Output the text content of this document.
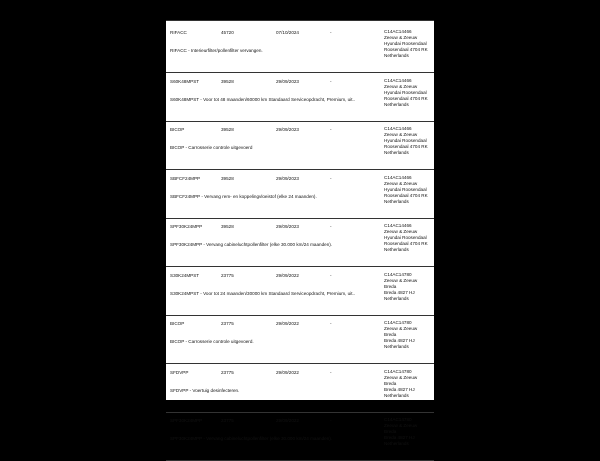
RIFACC	45720	07/10/2024	-	C14AC14466
Zeeuw & Zeeuw
Hyundai Roosendaal
Roosendaal 4704 RK
Netherlands
RIFACC - Interieurfilter/pollenfilter vervangen.
S60K48MPST	39528	29/09/2023	-	C14AC14466
Zeeuw & Zeeuw
Hyundai Roosendaal
Roosendaal 4704 RK
Netherlands
S60K48MPST - Voor tot 48 maanden/60000 km Standaard Serviceopdracht, Premium, uit..
BICOP	39528	29/09/2023	-	C14AC14466
Zeeuw & Zeeuw
Hyundai Roosendaal
Roosendaal 4704 RK
Netherlands
BICOP - Carrosserie controle uitgevoerd
SBFCF24MPP	39528	29/09/2023	-	C14AC14466
Zeeuw & Zeeuw
Hyundai Roosendaal
Roosendaal 4704 RK
Netherlands
SBFCF24MPP - Vervang rem- en koppelingvloeistof (elke 24 maanden).
SPF30K24MPP	39528	29/09/2023	-	C14AC14466
Zeeuw & Zeeuw
Hyundai Roosendaal
Roosendaal 4704 RK
Netherlands
SPF30K24MPP - Vervang cabineluchtpollenfilter (elke 30.000 km/24 maanden).
S30K24MPST	23775	29/09/2022	-	C14AC14780
Zeeuw & Zeeuw
Breda
Breda 4827 HJ
Netherlands
S30K24MPST - Voor tot 24 maanden/30000 km Standaard Serviceopdracht, Premium, uit..
BICOP	23775	29/09/2022	-	C14AC14780
Zeeuw & Zeeuw
Breda
Breda 4827 HJ
Netherlands
BICOP - Carrosserie controle uitgevoerd.
SFDVPP	23775	29/09/2022	-	C14AC14780
Zeeuw & Zeeuw
Breda
Breda 4827 HJ
Netherlands
SFDVPP - Voertuig desinfecteren.
SPF30K24MPP	23775	29/09/2022	-	C14AC14780
Zeeuw & Zeeuw
Breda
Breda 4827 HJ
Netherlands
SPF30K24MPP - Vervang cabineluchtpollenfilter (elke 30.000 km/24 maanden).
